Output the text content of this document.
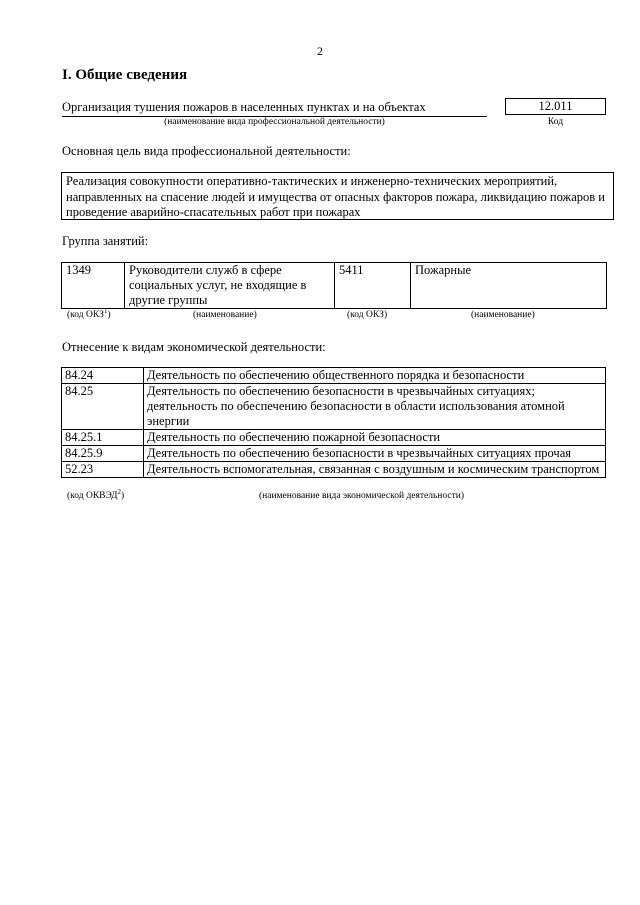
2
I. Общие сведения
Организация тушения пожаров в населенных пунктах и на объектах
(наименование вида профессиональной деятельности)
12.011
Код
Основная цель вида профессиональной деятельности:
Реализация совокупности оперативно-тактических и инженерно-технических мероприятий, направленных на спасение людей и имущества от опасных факторов пожара, ликвидацию пожаров и проведение аварийно-спасательных работ при пожарах
Группа занятий:
1349	Руководители служб в сфере социальных услуг, не входящие в другие группы	5411	Пожарные
(код ОКЗ$^1$)	(наименование)	(код ОКЗ)	(наименование)
Отнесение к видам экономической деятельности:
84.24	Деятельность по обеспечению общественного порядка и безопасности
84.25	Деятельность по обеспечению безопасности в чрезвычайных ситуациях; деятельность по обеспечению безопасности в области использования атомной энергии
84.25.1	Деятельность по обеспечению пожарной безопасности
84.25.9	Деятельность по обеспечению безопасности в чрезвычайных ситуациях прочая
52.23	Деятельность вспомогательная, связанная с воздушным и космическим транспортом
(код ОКВЭД$^2$)	(наименование вида экономической деятельности)
